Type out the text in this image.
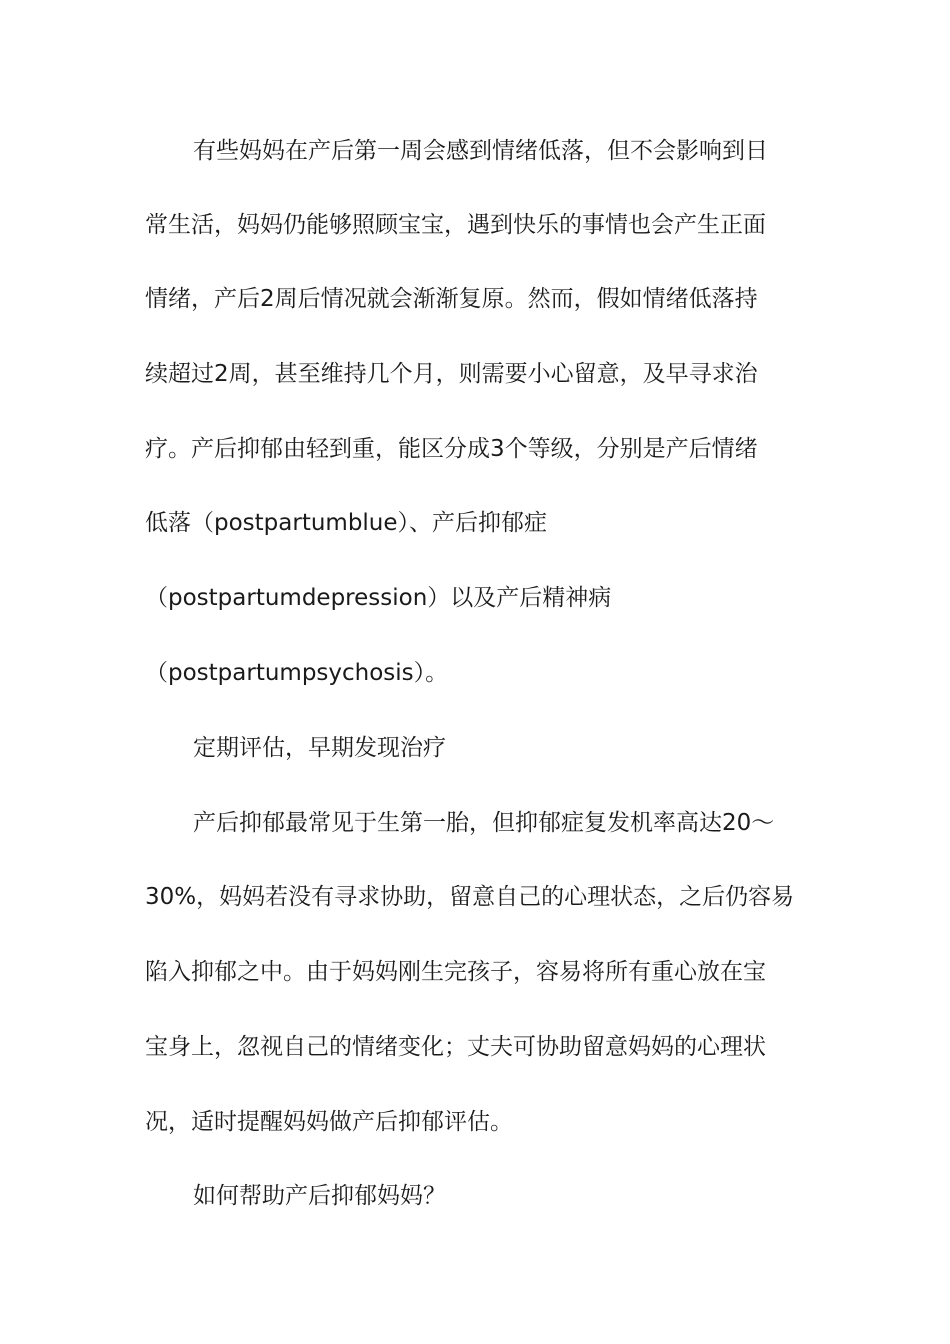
有些妈妈在产后第一周会感到情绪低落，但不会影响到日
常生活，妈妈仍能够照顾宝宝，遇到快乐的事情也会产生正面
情绪，产后2周后情况就会渐渐复原。然而，假如情绪低落持
续超过2周，甚至维持几个月，则需要小心留意，及早寻求治
疗。产后抑郁由轻到重，能区分成3个等级，分别是产后情绪
低落（postpartumblue）、产后抑郁症
（postpartumdepression）以及产后精神病
（postpartumpsychosis）。
定期评估，早期发现治疗
产后抑郁最常见于生第一胎，但抑郁症复发机率高达20～
30%，妈妈若没有寻求协助，留意自己的心理状态，之后仍容易
陷入抑郁之中。由于妈妈刚生完孩子，容易将所有重心放在宝
宝身上，忽视自己的情绪变化；丈夫可协助留意妈妈的心理状
况，适时提醒妈妈做产后抑郁评估。
如何帮助产后抑郁妈妈？
